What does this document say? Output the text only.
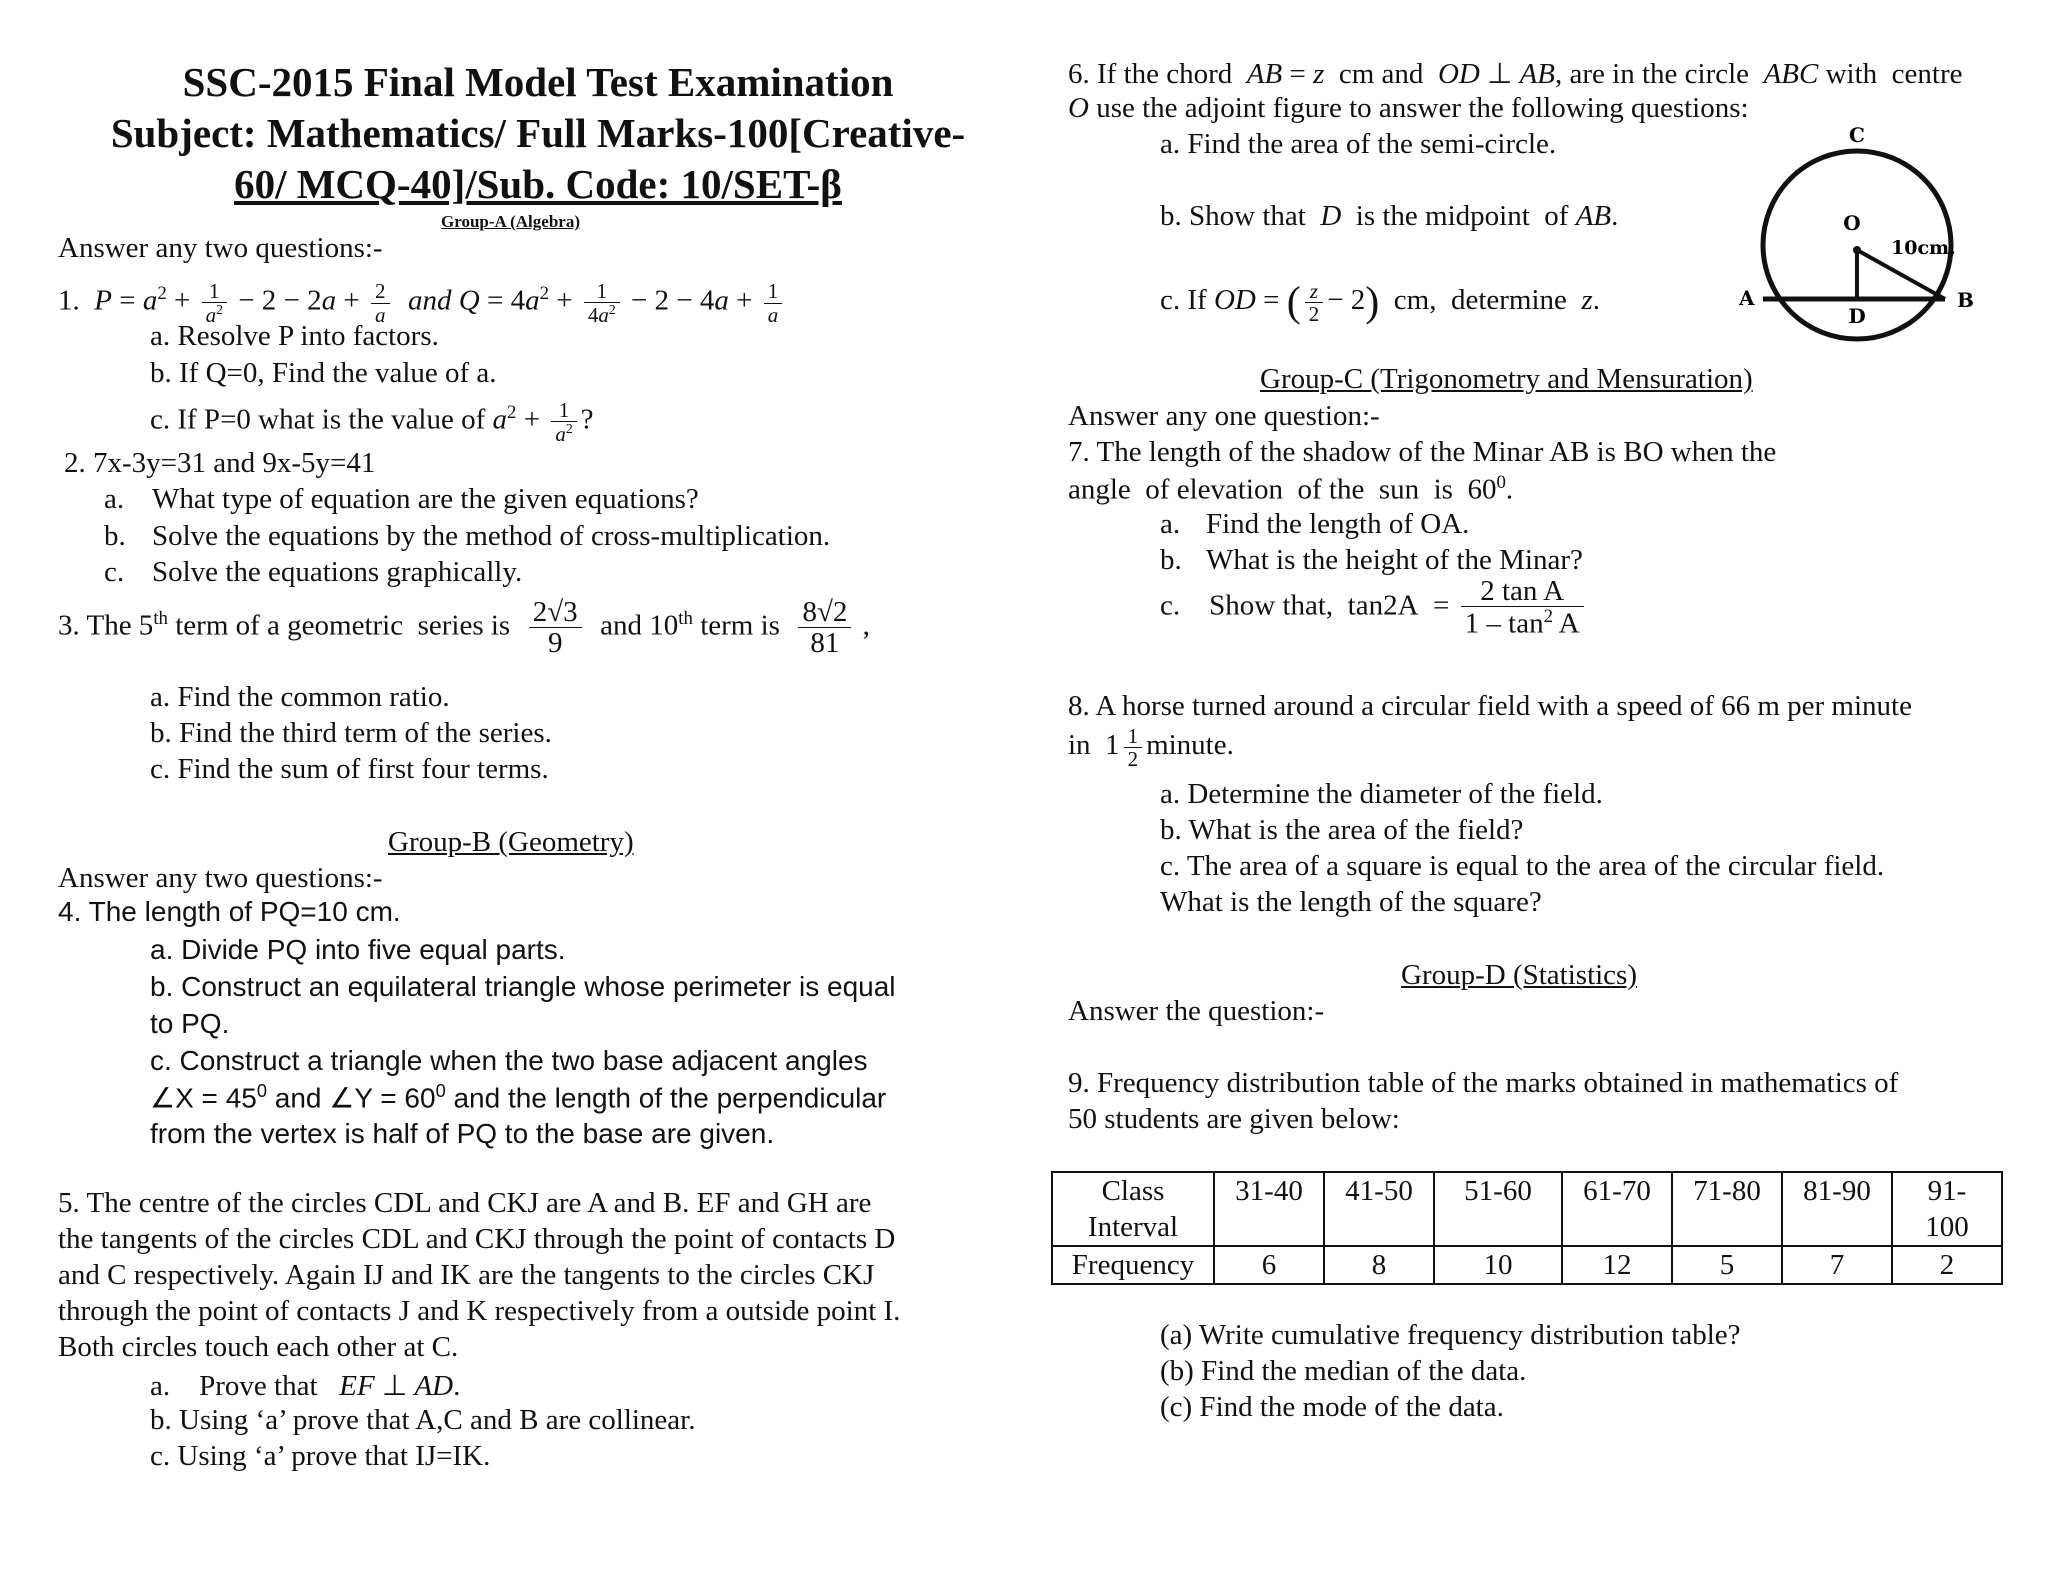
SSC-2015 Final Model Test Examination
Subject: Mathematics/ Full Marks-100[Creative-
60/ MCQ-40]/Sub. Code: 10/SET-β
Group-A (Algebra)
Answer any two questions:-
1.  $P = a^2 + \frac{1}{a^2} - 2 - 2a + \frac{2}{a}$ and $Q = 4a^2 + \frac{1}{4a^2} - 2 - 4a + \frac{1}{a}$
a. Resolve P into factors.
b. If Q=0, Find the value of a.
c. If P=0 what is the value of $a^2 + \frac{1}{a^2}$ ?
2. 7x-3y=31 and 9x-5y=41
a. What type of equation are the given equations?
b. Solve the equations by the method of cross-multiplication.
c. Solve the equations graphically.
3. The 5th term of a geometric  series is $\frac{2√3}{9}$ and 10th term is $\frac{8√2}{81}$ ,
a. Find the common ratio.
b. Find the third term of the series.
c. Find the sum of first four terms.
Group-B (Geometry)
Answer any two questions:-
4. The length of PQ=10 cm.
a. Divide PQ into five equal parts.
b. Construct an equilateral triangle whose perimeter is equal
to PQ.
c. Construct a triangle when the two base adjacent angles
∠X = $45^0$ and ∠Y = $60^0$ and the length of the perpendicular
from the vertex is half of PQ to the base are given.
5. The centre of the circles CDL and CKJ are A and B. EF and GH are
the tangents of the circles CDL and CKJ through the point of contacts D
and C respectively. Again IJ and IK are the tangents to the circles CKJ
through the point of contacts J and K respectively from a outside point I.
Both circles touch each other at C.
a.    Prove that   EF ⊥ AD.
b. Using ‘a’ prove that A,C and B are collinear.
c. Using ‘a’ prove that IJ=IK.
6. If the chord  AB = z  cm and  OD ⊥ AB, are in the circle  ABC with  centre
O use the adjoint figure to answer the following questions:
a. Find the area of the semi-circle.
b. Show that  D  is the midpoint  of AB.
c. If OD = ( $\frac{z}{2} - 2$)  cm,  determine  z.
C
O
A	B
D
10cm.
Group-C (Trigonometry and Mensuration)
Answer any one question:-
7. The length of the shadow of the Minar AB is BO when the
angle  of elevation  of the  sun  is  $60^0$.
a. Find the length of OA.
b. What is the height of the Minar?
c.    Show that,  $\tan 2A = \frac{\text{2 tan A}}{1 - \tan^2 A}$
8. A horse turned around a circular field with a speed of 66 m per minute
in  $1 \frac{1}{2}$ minute.
a. Determine the diameter of the field.
b. What is the area of the field?
c. The area of a square is equal to the area of the circular field.
What is the length of the square?
Group-D (Statistics)
Answer the question:-
9. Frequency distribution table of the marks obtained in mathematics of
50 students are given below:
Class
Interval	31-40	41-50	51-60	61-70	71-80	81-90	91-
100
Frequency	6	8	10	12	5	7	2
(a) Write cumulative frequency distribution table?
(b) Find the median of the data.
(c) Find the mode of the data.
